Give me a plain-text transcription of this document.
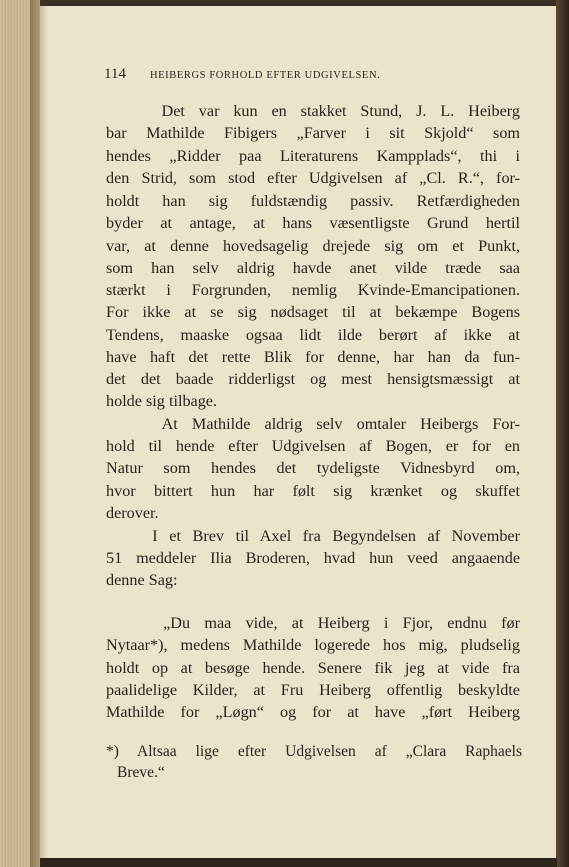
114 HEIBERGS FORHOLD EFTER UDGIVELSEN.
Det var kun en stakket Stund, J. L. Heiberg
bar Mathilde Fibigers „Farver i sit Skjold“ som
hendes „Ridder paa Literaturens Kampplads“, thi i
den Strid, som stod efter Udgivelsen af „Cl. R.“, for-
holdt han sig fuldstændig passiv. Retfærdigheden
byder at antage, at hans væsentligste Grund hertil
var, at denne hovedsagelig drejede sig om et Punkt,
som han selv aldrig havde anet vilde træde saa
stærkt i Forgrunden, nemlig Kvinde-Emancipationen.
For ikke at se sig nødsaget til at bekæmpe Bogens
Tendens, maaske ogsaa lidt ilde berørt af ikke at
have haft det rette Blik for denne, har han da fun-
det det baade ridderligst og mest hensigtsmæssigt at
holde sig tilbage.
At Mathilde aldrig selv omtaler Heibergs For-
hold til hende efter Udgivelsen af Bogen, er for en
Natur som hendes det tydeligste Vidnesbyrd om,
hvor bittert hun har følt sig krænket og skuffet
derover.
I et Brev til Axel fra Begyndelsen af November
51 meddeler Ilia Broderen, hvad hun veed angaaende
denne Sag:
„Du maa vide, at Heiberg i Fjor, endnu før
Nytaar*), medens Mathilde logerede hos mig, pludselig
holdt op at besøge hende. Senere fik jeg at vide fra
paalidelige Kilder, at Fru Heiberg offentlig beskyldte
Mathilde for „Løgn“ og for at have „ført Heiberg
*) Altsaa lige efter Udgivelsen af „Clara Raphaels
Breve.“
